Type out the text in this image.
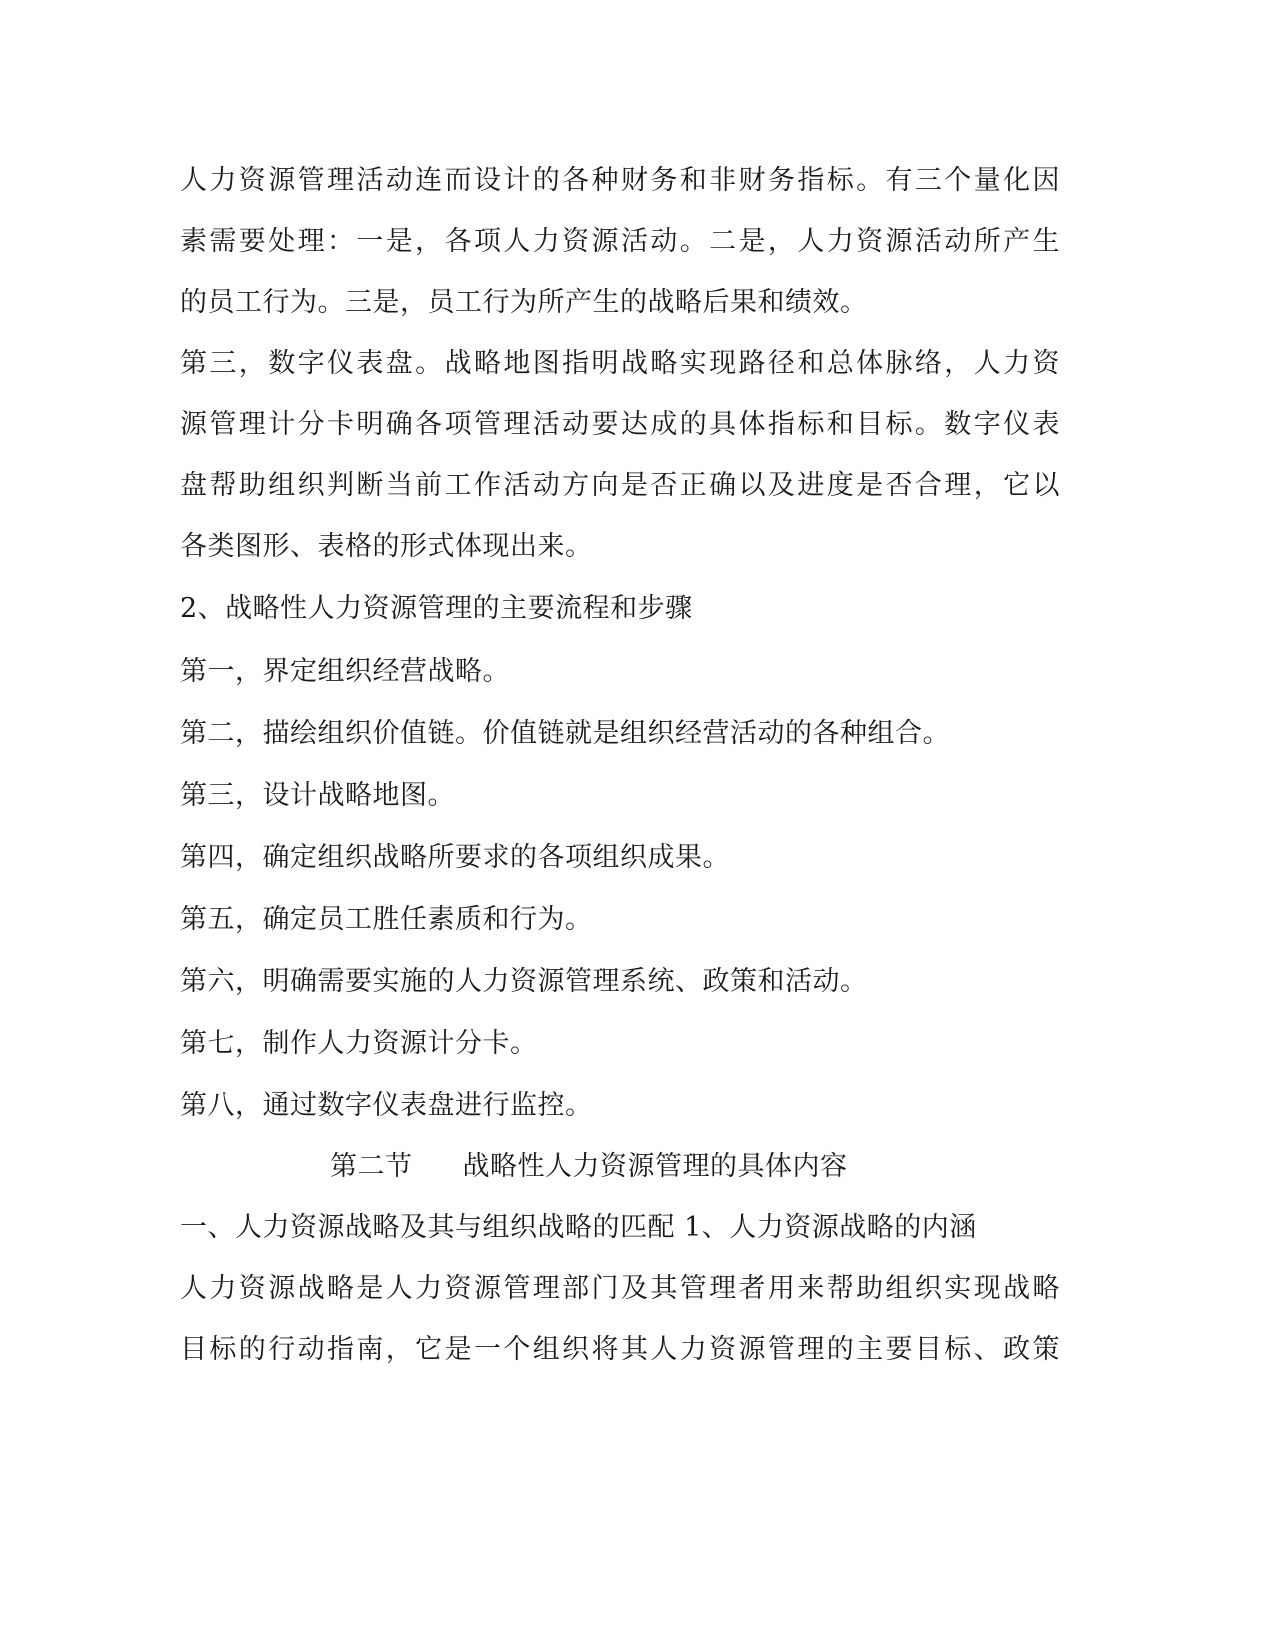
人力资源管理活动连而设计的各种财务和非财务指标。有三个量化因
素需要处理：一是，各项人力资源活动。二是，人力资源活动所产生
的员工行为。三是，员工行为所产生的战略后果和绩效。
第三，数字仪表盘。战略地图指明战略实现路径和总体脉络，人力资
源管理计分卡明确各项管理活动要达成的具体指标和目标。数字仪表
盘帮助组织判断当前工作活动方向是否正确以及进度是否合理，它以
各类图形、表格的形式体现出来。
2、战略性人力资源管理的主要流程和步骤
第一，界定组织经营战略。
第二，描绘组织价值链。价值链就是组织经营活动的各种组合。
第三，设计战略地图。
第四，确定组织战略所要求的各项组织成果。
第五，确定员工胜任素质和行为。
第六，明确需要实施的人力资源管理系统、政策和活动。
第七，制作人力资源计分卡。
第八，通过数字仪表盘进行监控。
第二节 战略性人力资源管理的具体内容
一、人力资源战略及其与组织战略的匹配 1、人力资源战略的内涵
人力资源战略是人力资源管理部门及其管理者用来帮助组织实现战略
目标的行动指南，它是一个组织将其人力资源管理的主要目标、政策
